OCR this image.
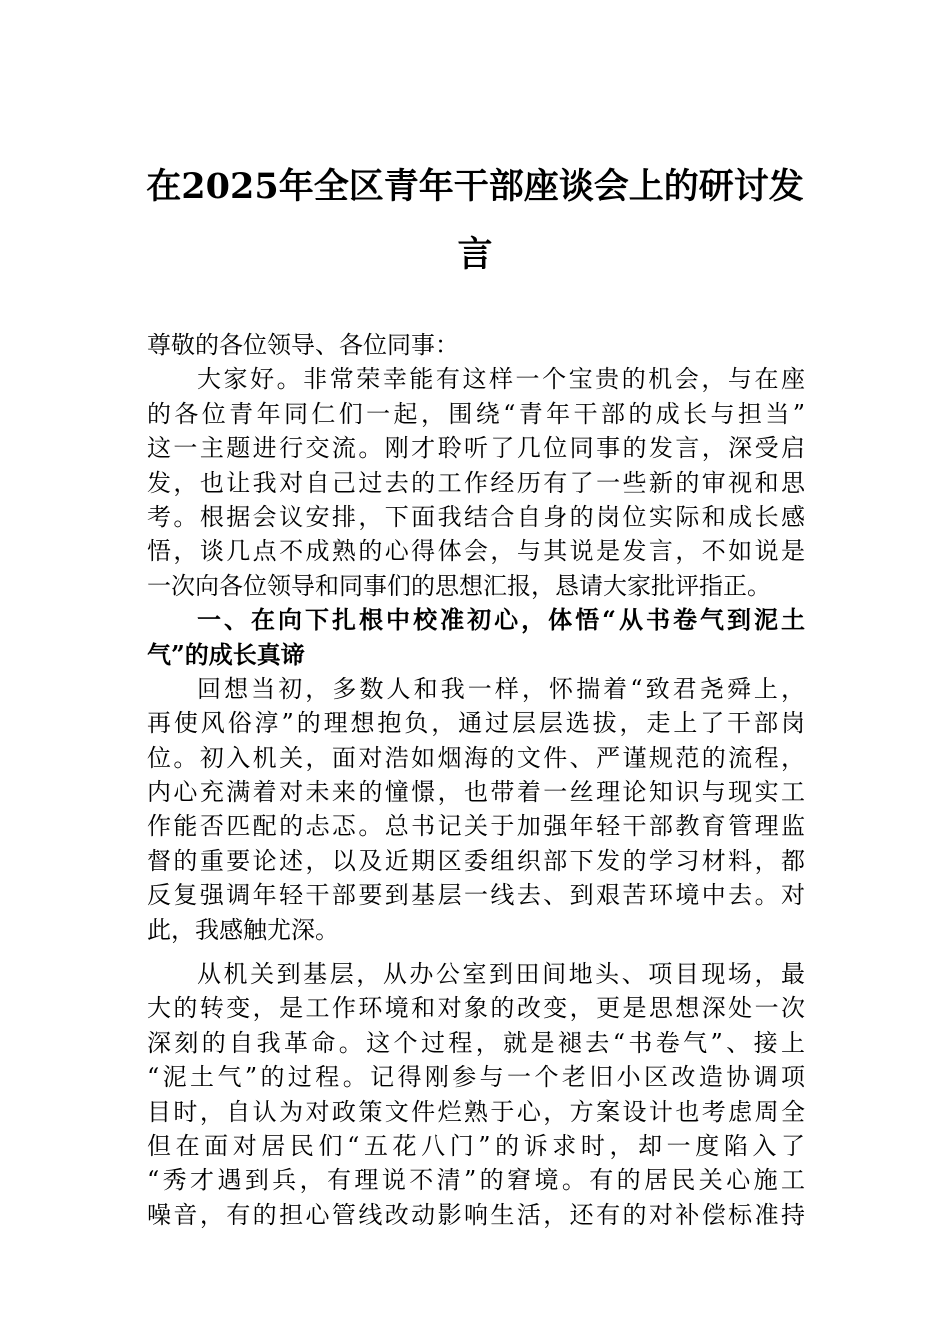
在2025年全区青年干部座谈会上的研讨发
言
尊敬的各位领导、各位同事：
大家好。非常荣幸能有这样一个宝贵的机会，与在座
的各位青年同仁们一起，围绕“青年干部的成长与担当”
这一主题进行交流。刚才聆听了几位同事的发言，深受启
发，也让我对自己过去的工作经历有了一些新的审视和思
考。根据会议安排，下面我结合自身的岗位实际和成长感
悟，谈几点不成熟的心得体会，与其说是发言，不如说是
一次向各位领导和同事们的思想汇报，恳请大家批评指正。
一、在向下扎根中校准初心，体悟“从书卷气到泥土
气”的成长真谛
回想当初，多数人和我一样，怀揣着“致君尧舜上，
再使风俗淳”的理想抱负，通过层层选拔，走上了干部岗
位。初入机关，面对浩如烟海的文件、严谨规范的流程，
内心充满着对未来的憧憬，也带着一丝理论知识与现实工
作能否匹配的忐忑。总书记关于加强年轻干部教育管理监
督的重要论述，以及近期区委组织部下发的学习材料，都
反复强调年轻干部要到基层一线去、到艰苦环境中去。对
此，我感触尤深。
从机关到基层，从办公室到田间地头、项目现场，最
大的转变，是工作环境和对象的改变，更是思想深处一次
深刻的自我革命。这个过程，就是褪去“书卷气”、接上
“泥土气”的过程。记得刚参与一个老旧小区改造协调项
目时，自认为对政策文件烂熟于心，方案设计也考虑周全
但在面对居民们“五花八门”的诉求时，却一度陷入了
“秀才遇到兵，有理说不清”的窘境。有的居民关心施工
噪音，有的担心管线改动影响生活，还有的对补偿标准持
